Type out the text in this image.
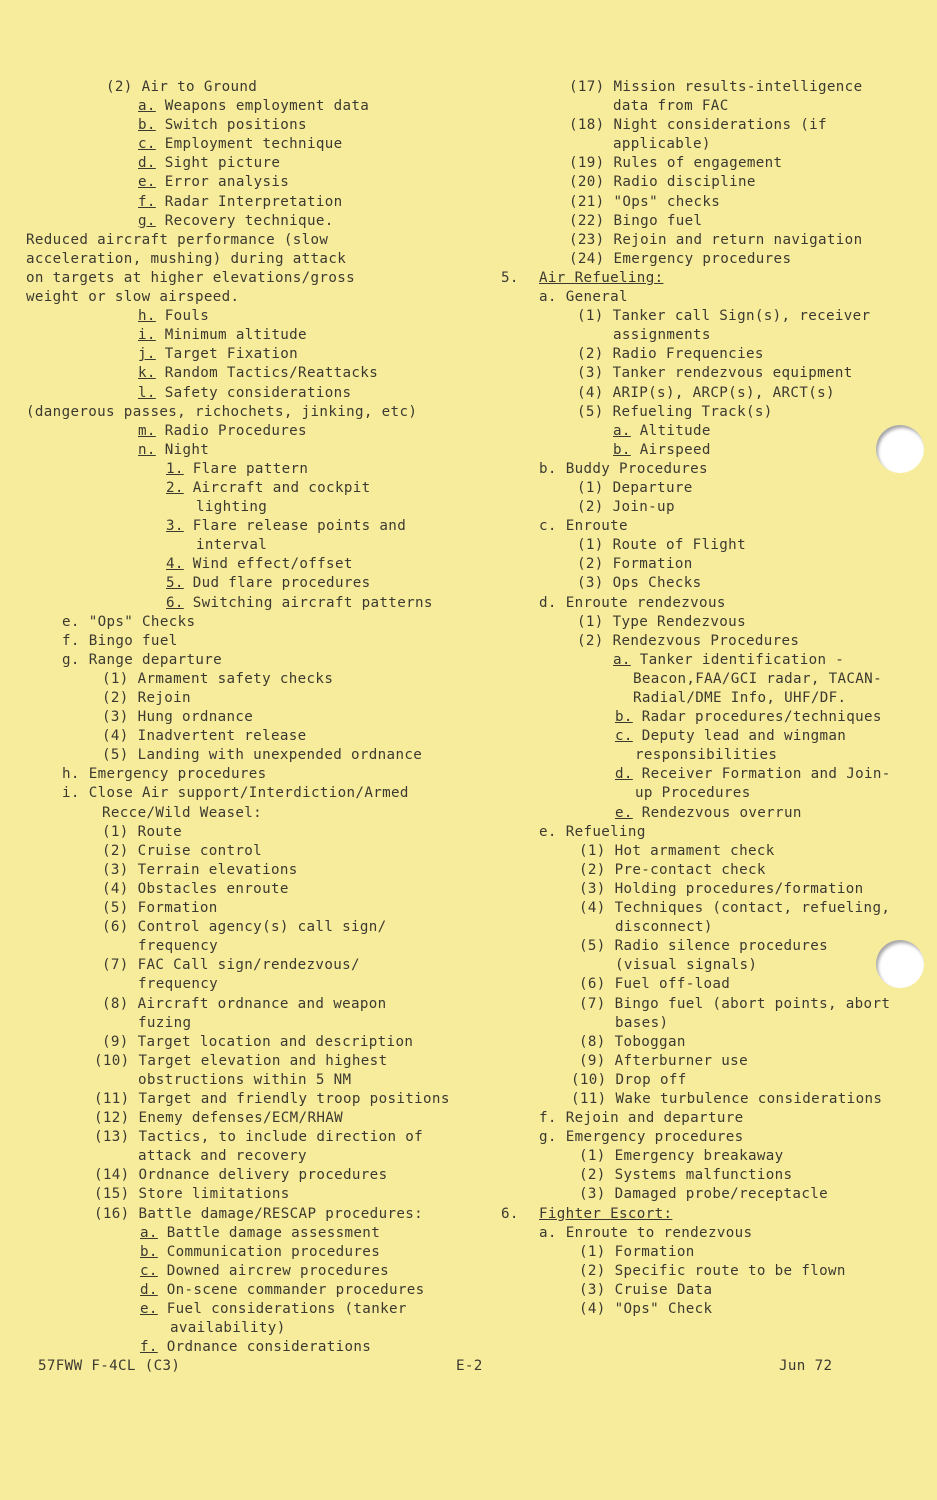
(2) Air to Ground
a. Weapons employment data
b. Switch positions
c. Employment technique
d. Sight picture
e. Error analysis
f. Radar Interpretation
g. Recovery technique.
Reduced aircraft performance (slow
acceleration, mushing) during attack
on targets at higher elevations/gross
weight or slow airspeed.
h. Fouls
i. Minimum altitude
j. Target Fixation
k. Random Tactics/Reattacks
l. Safety considerations
(dangerous passes, richochets, jinking, etc)
m. Radio Procedures
n. Night
1. Flare pattern
2. Aircraft and cockpit
lighting
3. Flare release points and
interval
4. Wind effect/offset
5. Dud flare procedures
6. Switching aircraft patterns
e. "Ops" Checks
f. Bingo fuel
g. Range departure
(1) Armament safety checks
(2) Rejoin
(3) Hung ordnance
(4) Inadvertent release
(5) Landing with unexpended ordnance
h. Emergency procedures
i. Close Air support/Interdiction/Armed
Recce/Wild Weasel:
(1) Route
(2) Cruise control
(3) Terrain elevations
(4) Obstacles enroute
(5) Formation
(6) Control agency(s) call sign/
frequency
(7) FAC Call sign/rendezvous/
frequency
(8) Aircraft ordnance and weapon
fuzing
(9) Target location and description
(10) Target elevation and highest
obstructions within 5 NM
(11) Target and friendly troop positions
(12) Enemy defenses/ECM/RHAW
(13) Tactics, to include direction of
attack and recovery
(14) Ordnance delivery procedures
(15) Store limitations
(16) Battle damage/RESCAP procedures:
a. Battle damage assessment
b. Communication procedures
c. Downed aircrew procedures
d. On-scene commander procedures
e. Fuel considerations (tanker
availability)
f. Ordnance considerations
(17) Mission results-intelligence
data from FAC
(18) Night considerations (if
applicable)
(19) Rules of engagement
(20) Radio discipline
(21) "Ops" checks
(22) Bingo fuel
(23) Rejoin and return navigation
(24) Emergency procedures
5. Air Refueling:
a. General
(1) Tanker call Sign(s), receiver
assignments
(2) Radio Frequencies
(3) Tanker rendezvous equipment
(4) ARIP(s), ARCP(s), ARCT(s)
(5) Refueling Track(s)
a. Altitude
b. Airspeed
b. Buddy Procedures
(1) Departure
(2) Join-up
c. Enroute
(1) Route of Flight
(2) Formation
(3) Ops Checks
d. Enroute rendezvous
(1) Type Rendezvous
(2) Rendezvous Procedures
a. Tanker identification -
Beacon,FAA/GCI radar, TACAN-
Radial/DME Info, UHF/DF.
b. Radar procedures/techniques
c. Deputy lead and wingman
responsibilities
d. Receiver Formation and Join-
up Procedures
e. Rendezvous overrun
e. Refueling
(1) Hot armament check
(2) Pre-contact check
(3) Holding procedures/formation
(4) Techniques (contact, refueling,
disconnect)
(5) Radio silence procedures
(visual signals)
(6) Fuel off-load
(7) Bingo fuel (abort points, abort
bases)
(8) Toboggan
(9) Afterburner use
(10) Drop off
(11) Wake turbulence considerations
f. Rejoin and departure
g. Emergency procedures
(1) Emergency breakaway
(2) Systems malfunctions
(3) Damaged probe/receptacle
6. Fighter Escort:
a. Enroute to rendezvous
(1) Formation
(2) Specific route to be flown
(3) Cruise Data
(4) "Ops" Check
57FWW F-4CL (C3)	E-2	Jun 72
